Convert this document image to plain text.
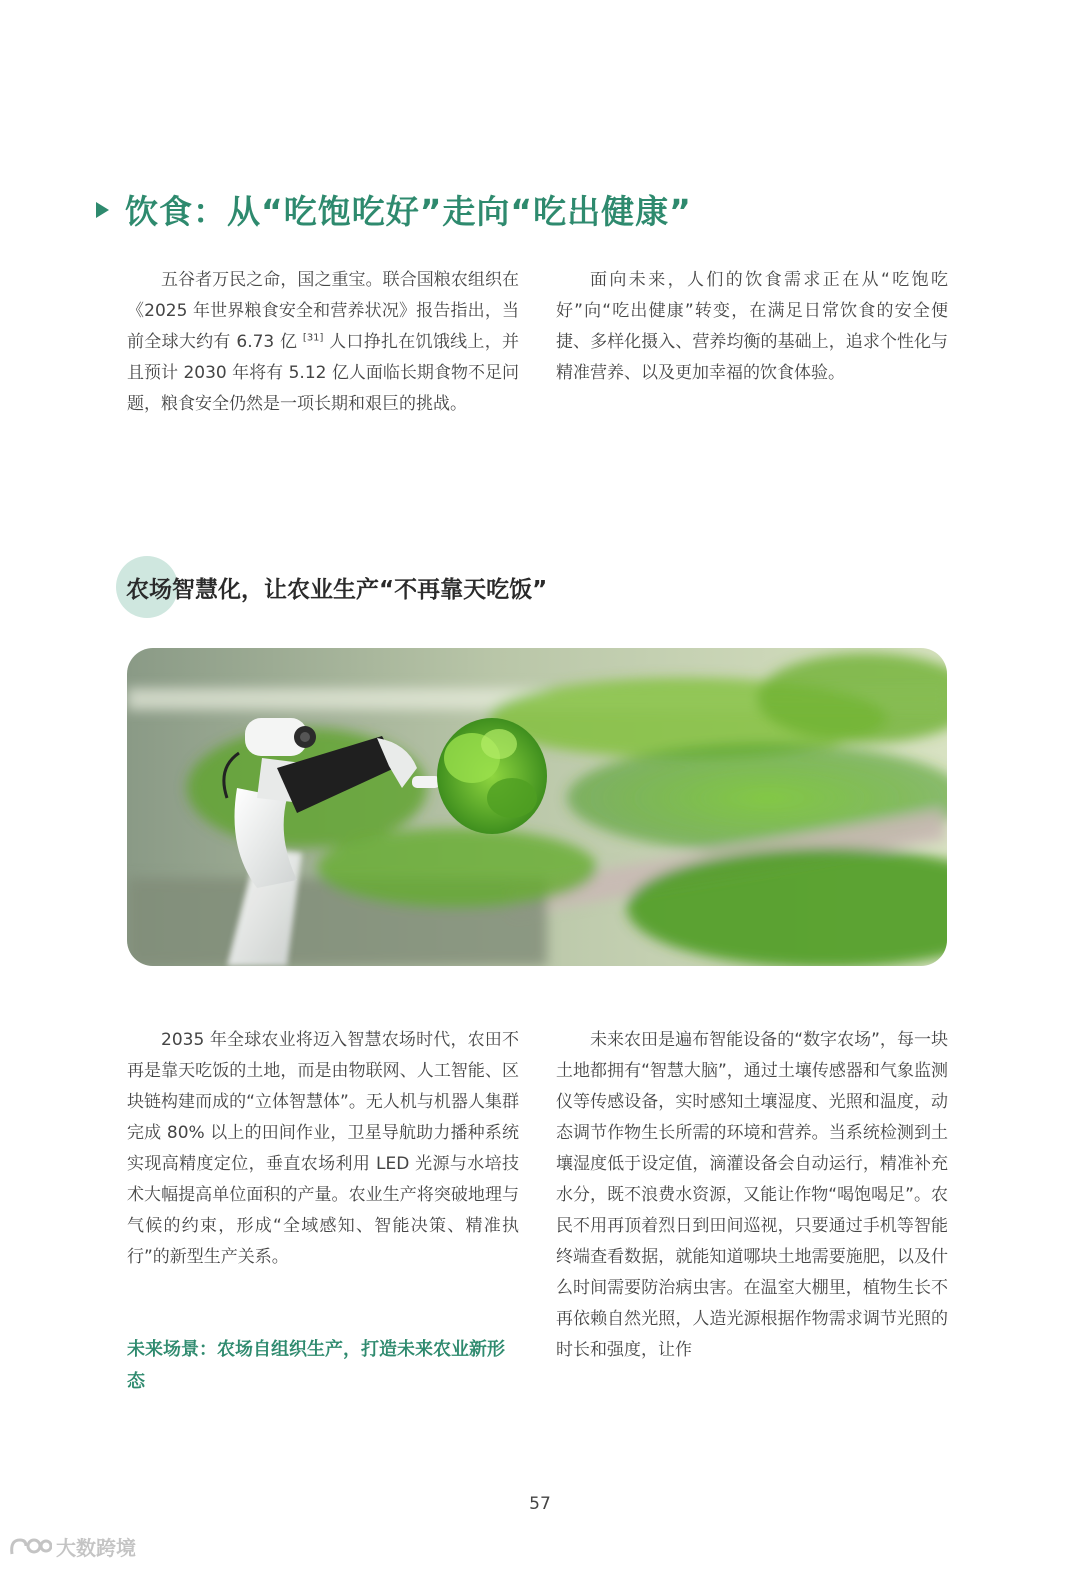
饮食：从“吃饱吃好”走向“吃出健康”

五谷者万民之命，国之重宝。联合国粮农组织在《2025 年世界粮食安全和营养状况》报告指出，当前全球大约有 6.73 亿 [31] 人口挣扎在饥饿线上，并且预计 2030 年将有 5.12 亿人面临长期食物不足问题，粮食安全仍然是一项长期和艰巨的挑战。

面向未来，人们的饮食需求正在从“吃饱吃好”向“吃出健康”转变，在满足日常饮食的安全便捷、多样化摄入、营养均衡的基础上，追求个性化与精准营养、以及更加幸福的饮食体验。

农场智慧化，让农业生产“不再靠天吃饭”

2035 年全球农业将迈入智慧农场时代，农田不再是靠天吃饭的土地，而是由物联网、人工智能、区块链构建而成的“立体智慧体”。无人机与机器人集群完成 80% 以上的田间作业，卫星导航助力播种系统实现高精度定位，垂直农场利用 LED 光源与水培技术大幅提高单位面积的产量。农业生产将突破地理与气候的约束，形成“全域感知、智能决策、精准执行”的新型生产关系。

未来场景：农场自组织生产，打造未来农业新形态

未来农田是遍布智能设备的“数字农场”，每一块土地都拥有“智慧大脑”，通过土壤传感器和气象监测仪等传感设备，实时感知土壤湿度、光照和温度，动态调节作物生长所需的环境和营养。当系统检测到土壤湿度低于设定值，滴灌设备会自动运行，精准补充水分，既不浪费水资源，又能让作物“喝饱喝足”。农民不用再顶着烈日到田间巡视，只要通过手机等智能终端查看数据，就能知道哪块土地需要施肥，以及什么时间需要防治病虫害。在温室大棚里，植物生长不再依赖自然光照，人造光源根据作物需求调节光照的时长和强度，让作

57
大数跨境
